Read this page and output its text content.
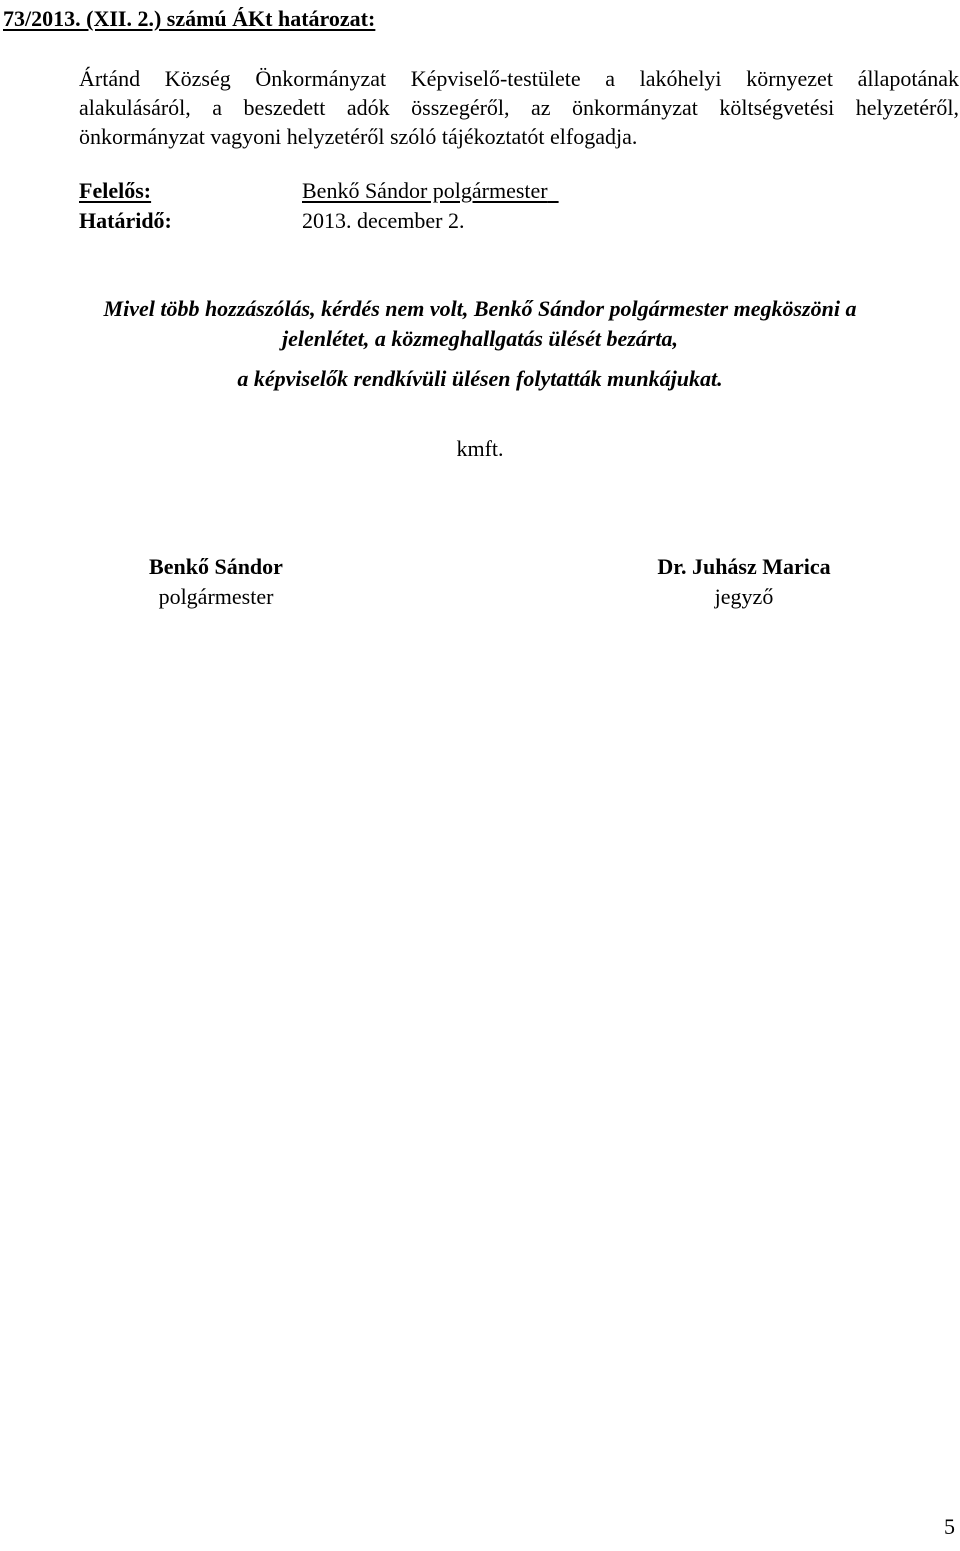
73/2013. (XII. 2.) számú ÁKt határozat:

Ártánd Község Önkormányzat Képviselő-testülete a lakóhelyi környezet állapotának
alakulásáról, a beszedett adók összegéről, az önkormányzat költségvetési helyzetéről,
önkormányzat vagyoni helyzetéről szóló tájékoztatót elfogadja.

Felelős:	Benkő Sándor polgármester

Határidő:	2013. december 2.

Mivel több hozzászólás, kérdés nem volt, Benkő Sándor polgármester megköszöni a

jelenlétet, a közmeghallgatás ülését bezárta,

a képviselők rendkívüli ülésen folytatták munkájukat.

kmft.

Benkő Sándor
polgármester
Dr. Juhász Marica
jegyző
5
